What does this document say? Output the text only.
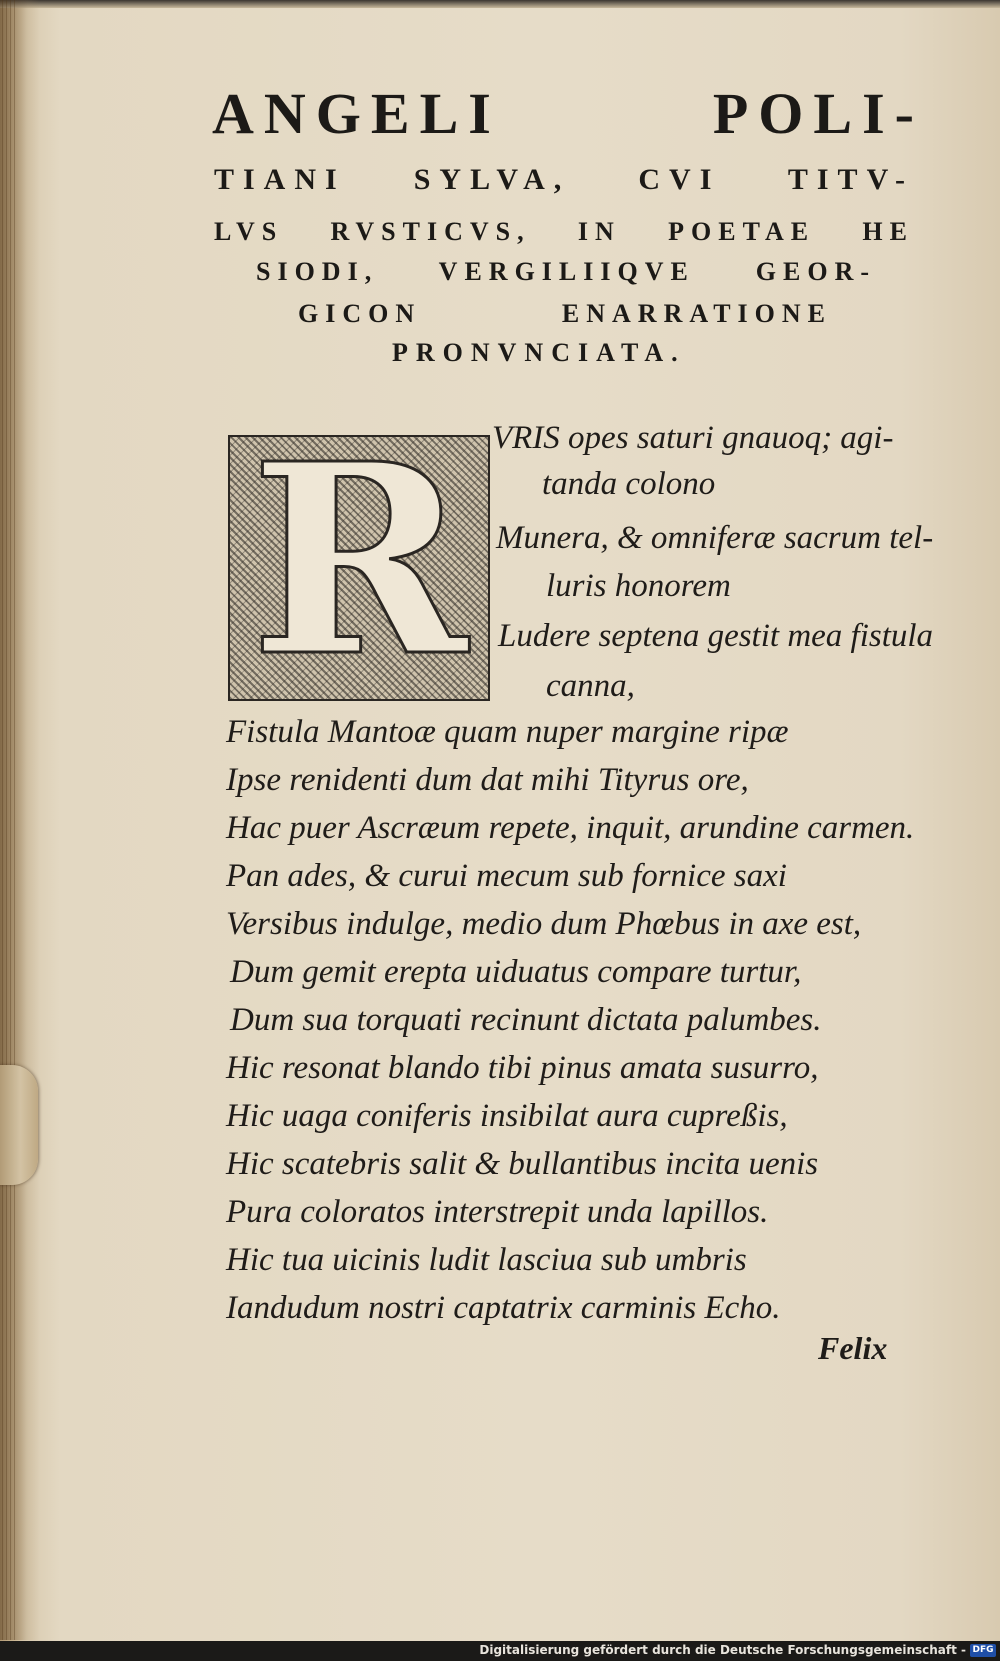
ANGELI POLI-

TIANI SYLVA, CVI TITV-

LVS RVSTICVS, IN POETAE HE

SIODI, VERGILIIQVE GEOR-

GICON ENARRATIONE

PRONVNCIATA.

R VRIS opes saturi gnauoq; agi-

tanda colono

Munera, & omniferæ sacrum tel-

luris honorem

Ludere septena gestit mea fistula

canna,

Fistula Mantoæ quam nuper margine ripæ

Ipse renidenti dum dat mihi Tityrus ore,

Hac puer Ascræum repete, inquit, arundine carmen.

Pan ades, & curui mecum sub fornice saxi

Versibus indulge, medio dum Phœbus in axe est,

Dum gemit erepta uiduatus compare turtur,

Dum sua torquati recinunt dictata palumbes.

Hic resonat blando tibi pinus amata susurro,

Hic uaga coniferis insibilat aura cupreßis,

Hic scatebris salit & bullantibus incita uenis

Pura coloratos interstrepit unda lapillos.

Hic tua uicinis ludit lasciua sub umbris

Iandudum nostri captatrix carminis Echo.

Felix

Digitalisierung gefördert durch die Deutsche Forschungsgemeinschaft - DFG
